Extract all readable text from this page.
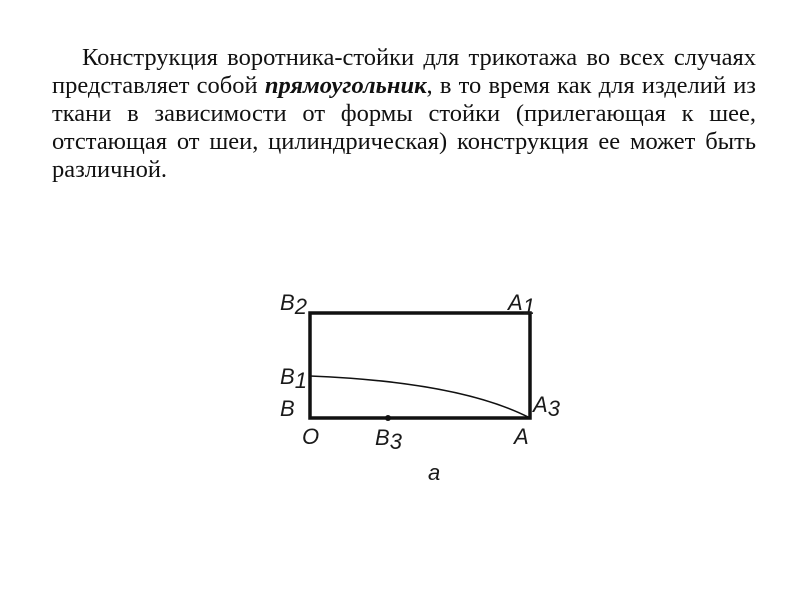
Конструкция воротника-стойки для трикотажа во всех случаях представляет собой прямоугольник, в то время как для изделий из ткани в зависимости от формы стойки (прилегающая к шее, отстающая от шеи, цилиндрическая) конструкция ее может быть различной.

В2	А1
В1
В	А3
О	В3	А
а
